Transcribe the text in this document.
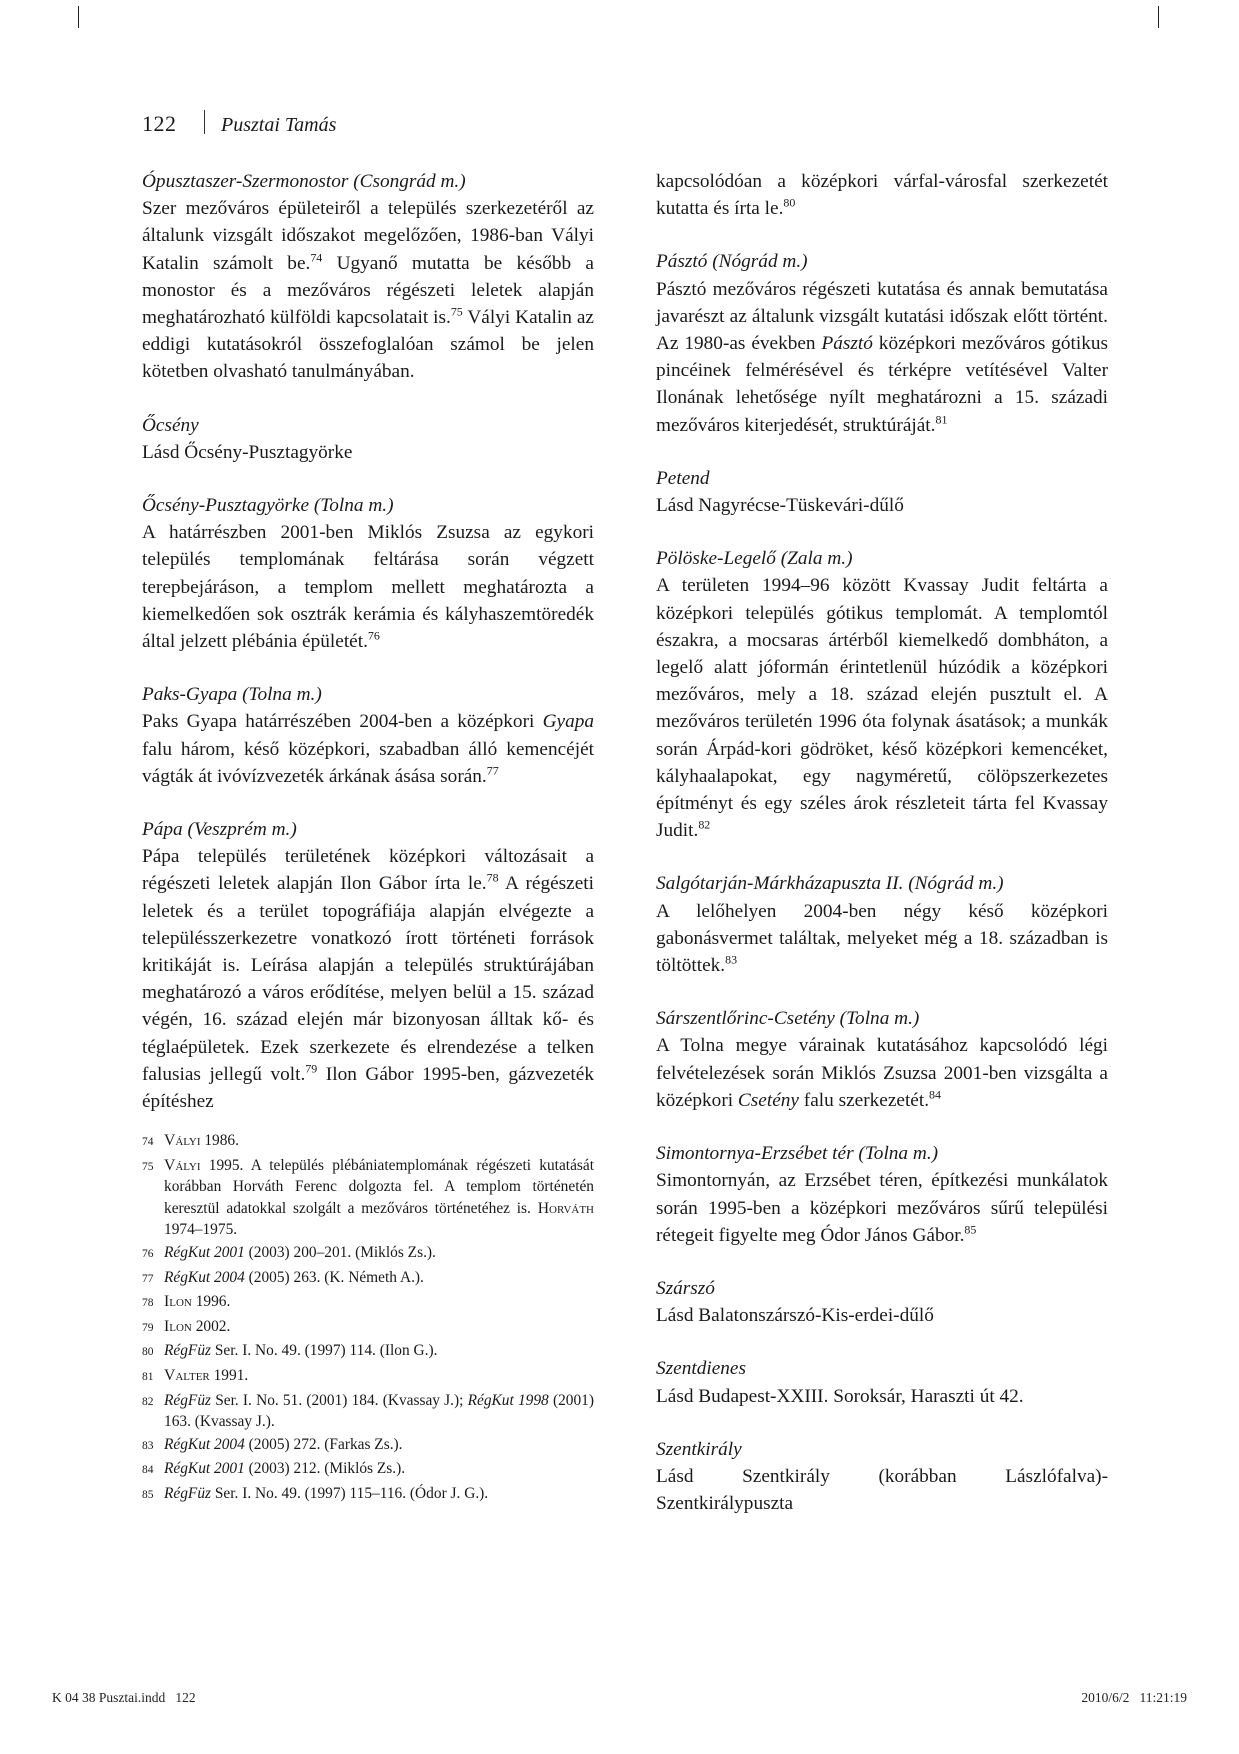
122	Pusztai Tamás
Ópusztaszer-Szermonostor (Csongrád m.)

Szer mezőváros épületeiről a település szerkezetéről az általunk vizsgált időszakot megelőzően, 1986-ban Vályi Katalin számolt be.$^{74}$ Ugyanő mutatta be később a monostor és a mezőváros régészeti leletek alapján meghatározható külföldi kapcsolatait is.$^{75}$ Vályi Katalin az eddigi kutatásokról összefoglalóan számol be jelen kötetben olvasható tanulmányában.

Őcsény

Lásd Őcsény-Pusztagyörke

Őcsény-Pusztagyörke (Tolna m.)

A határrészben 2001-ben Miklós Zsuzsa az egykori település templomának feltárása során végzett terepbejáráson, a templom mellett meghatározta a kiemelkedően sok osztrák kerámia és kályhaszemtöredék által jelzett plébánia épületét.$^{76}$

Paks-Gyapa (Tolna m.)

Paks Gyapa határrészében 2004-ben a középkori Gyapa falu három, késő középkori, szabadban álló kemencéjét vágták át ivóvízvezeték árkának ásása során.$^{77}$

Pápa (Veszprém m.)

Pápa település területének középkori változásait a régészeti leletek alapján Ilon Gábor írta le.$^{78}$ A régészeti leletek és a terület topográfiája alapján elvégezte a településszerkezetre vonatkozó írott történeti források kritikáját is. Leírása alapján a település struktúrájában meghatározó a város erődítése, melyen belül a 15. század végén, 16. század elején már bizonyosan álltak kő- és téglaépületek. Ezek szerkezete és elrendezése a telken falusias jellegű volt.$^{79}$ Ilon Gábor 1995-ben, gázvezeték építéshez

kapcsolódóan a középkori várfal-városfal szerkezetét kutatta és írta le.$^{80}$

Pásztó (Nógrád m.)

Pásztó mezőváros régészeti kutatása és annak bemutatása javarészt az általunk vizsgált kutatási időszak előtt történt. Az 1980-as években Pásztó középkori mezőváros gótikus pincéinek felmérésével és térképre vetítésével Valter Ilonának lehetősége nyílt meghatározni a 15. századi mezőváros kiterjedését, struktúráját.$^{81}$

Petend

Lásd Nagyrécse-Tüskevári-dűlő

Pölöske-Legelő (Zala m.)

A területen 1994–96 között Kvassay Judit feltárta a középkori település gótikus templomát. A templomtól északra, a mocsaras ártérből kiemelkedő dombháton, a legelő alatt jóformán érintetlenül húzódik a középkori mezőváros, mely a 18. század elején pusztult el. A mezőváros területén 1996 óta folynak ásatások; a munkák során Árpád-kori gödröket, késő középkori kemencéket, kályhaalapokat, egy nagyméretű, cölöpszerkezetes építményt és egy széles árok részleteit tárta fel Kvassay Judit.$^{82}$

Salgótarján-Márkházapuszta II. (Nógrád m.)

A lelőhelyen 2004-ben négy késő középkori gabonásvermet találtak, melyeket még a 18. században is töltöttek.$^{83}$

Sárszentlőrinc-Csetény (Tolna m.)

A Tolna megye várainak kutatásához kapcsolódó légi felvételezések során Miklós Zsuzsa 2001-ben vizsgálta a középkori Csetény falu szerkezetét.$^{84}$

Simontornya-Erzsébet tér (Tolna m.)

Simontornyán, az Erzsébet téren, építkezési munkálatok során 1995-ben a középkori mezőváros sűrű települési rétegeit figyelte meg Ódor János Gábor.$^{85}$

Szárszó

Lásd Balatonszárszó-Kis-erdei-dűlő

Szentdienes

Lásd Budapest-XXIII. Soroksár, Haraszti út 42.

Szentkirály

Lásd Szentkirály (korábban Lászlófalva)-Szentkirálypuszta

74 Vályi 1986.
75 Vályi 1995. A település plébániatemplomának régészeti kutatását korábban Horváth Ferenc dolgozta fel. A templom történetén keresztül adatokkal szolgált a mezőváros történetéhez is. Horváth 1974–1975.
76 RégKut 2001 (2003) 200–201. (Miklós Zs.).
77 RégKut 2004 (2005) 263. (K. Németh A.).
78 Ilon 1996.
79 Ilon 2002.
80 RégFüz Ser. I. No. 49. (1997) 114. (Ilon G.).
81 Valter 1991.
82 RégFüz Ser. I. No. 51. (2001) 184. (Kvassay J.); RégKut 1998 (2001) 163. (Kvassay J.).
83 RégKut 2004 (2005) 272. (Farkas Zs.).
84 RégKut 2001 (2003) 212. (Miklós Zs.).
85 RégFüz Ser. I. No. 49. (1997) 115–116. (Ódor J. G.).
K 04 38 Pusztai.indd   122	2010/6/2   11:21:19
